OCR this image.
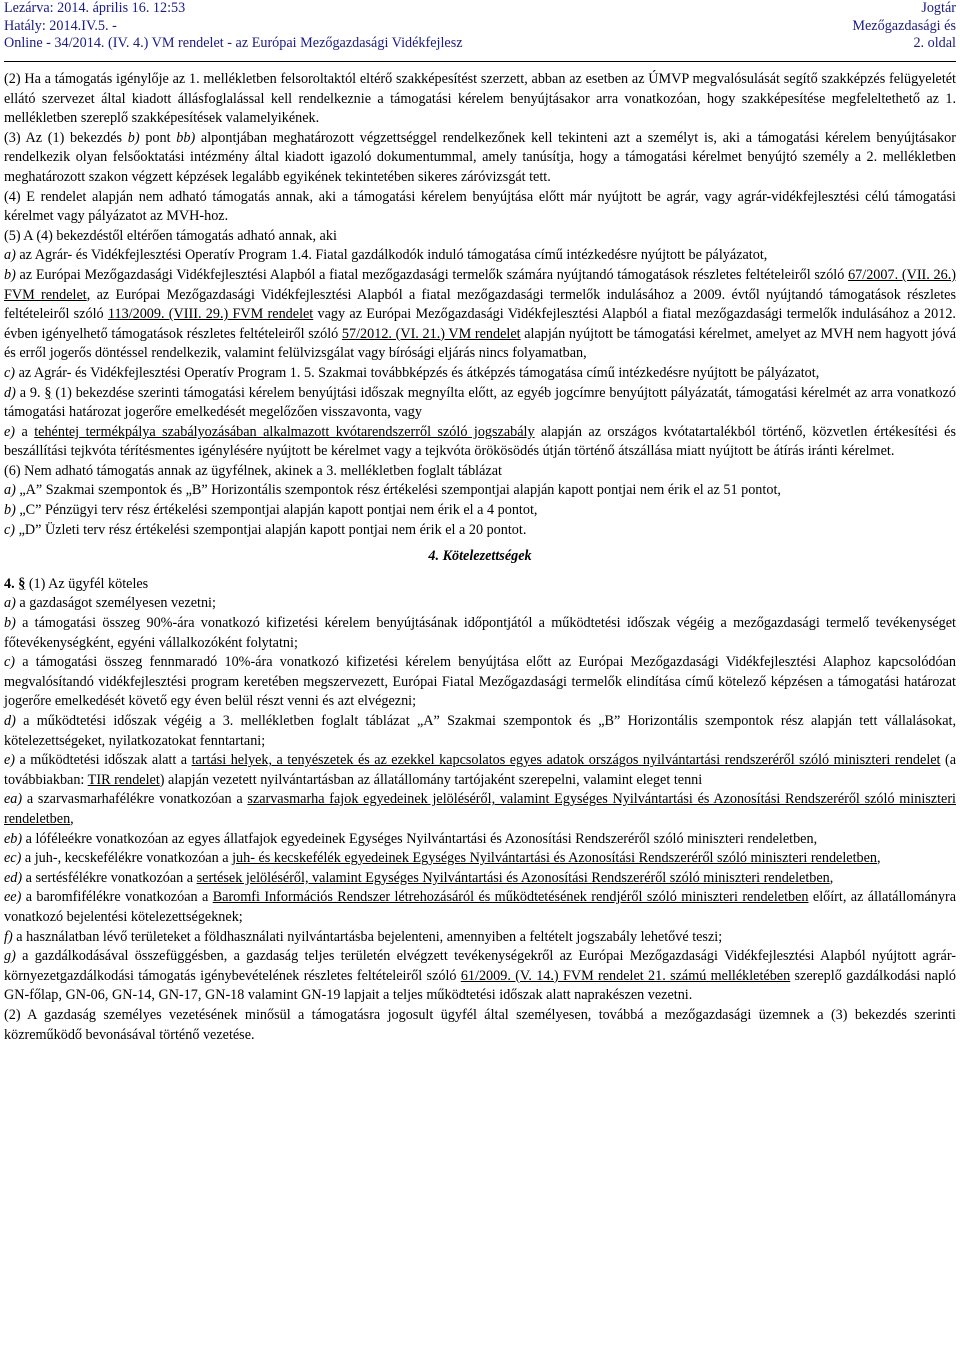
Lezárva: 2014. április 16. 12:53
Hatály: 2014.IV.5. -
Online - 34/2014. (IV. 4.) VM rendelet - az Európai Mezőgazdasági Vidékfejlesz
Jogtár
Mezőgazdasági és
2. oldal

(2) Ha a támogatás igénylője az 1. mellékletben felsoroltaktól eltérő szakképesítést szerzett, abban az esetben az ÚMVP megvalósulását segítő szakképzés felügyeletét ellátó szervezet által kiadott állásfoglalással kell rendelkeznie a támogatási kérelem benyújtásakor arra vonatkozóan, hogy szakképesítése megfeleltethető az 1. mellékletben szereplő szakképesítések valamelyikének.

(3) Az (1) bekezdés b) pont bb) alpontjában meghatározott végzettséggel rendelkezőnek kell tekinteni azt a személyt is, aki a támogatási kérelem benyújtásakor rendelkezik olyan felsőoktatási intézmény által kiadott igazoló dokumentummal, amely tanúsítja, hogy a támogatási kérelmet benyújtó személy a 2. mellékletben meghatározott szakon végzett képzések legalább egyikének tekintetében sikeres záróvizsgát tett.

(4) E rendelet alapján nem adható támogatás annak, aki a támogatási kérelem benyújtása előtt már nyújtott be agrár, vagy agrár-vidékfejlesztési célú támogatási kérelmet vagy pályázatot az MVH-hoz.

(5) A (4) bekezdéstől eltérően támogatás adható annak, aki

a) az Agrár- és Vidékfejlesztési Operatív Program 1.4. Fiatal gazdálkodók induló támogatása című intézkedésre nyújtott be pályázatot,

b) az Európai Mezőgazdasági Vidékfejlesztési Alapból a fiatal mezőgazdasági termelők számára nyújtandó támogatások részletes feltételeiről szóló 67/2007. (VII. 26.) FVM rendelet, az Európai Mezőgazdasági Vidékfejlesztési Alapból a fiatal mezőgazdasági termelők indulásához a 2009. évtől nyújtandó támogatások részletes feltételeiről szóló 113/2009. (VIII. 29.) FVM rendelet vagy az Európai Mezőgazdasági Vidékfejlesztési Alapból a fiatal mezőgazdasági termelők indulásához a 2012. évben igényelhető támogatások részletes feltételeiről szóló 57/2012. (VI. 21.) VM rendelet alapján nyújtott be támogatási kérelmet, amelyet az MVH nem hagyott jóvá és erről jogerős döntéssel rendelkezik, valamint felülvizsgálat vagy bírósági eljárás nincs folyamatban,

c) az Agrár- és Vidékfejlesztési Operatív Program 1. 5. Szakmai továbbképzés és átképzés támogatása című intézkedésre nyújtott be pályázatot,

d) a 9. § (1) bekezdése szerinti támogatási kérelem benyújtási időszak megnyílta előtt, az egyéb jogcímre benyújtott pályázatát, támogatási kérelmét az arra vonatkozó támogatási határozat jogerőre emelkedését megelőzően visszavonta, vagy

e) a tehéntej termékpálya szabályozásában alkalmazott kvótarendszerről szóló jogszabály alapján az országos kvótatartalékból történő, közvetlen értékesítési és beszállítási tejkvóta térítésmentes igénylésére nyújtott be kérelmet vagy a tejkvóta örökösödés útján történő átszállása miatt nyújtott be átírás iránti kérelmet.

(6) Nem adható támogatás annak az ügyfélnek, akinek a 3. mellékletben foglalt táblázat

a) „A” Szakmai szempontok és „B” Horizontális szempontok rész értékelési szempontjai alapján kapott pontjai nem érik el az 51 pontot,

b) „C” Pénzügyi terv rész értékelési szempontjai alapján kapott pontjai nem érik el a 4 pontot,

c) „D” Üzleti terv rész értékelési szempontjai alapján kapott pontjai nem érik el a 20 pontot.

4. Kötelezettségek

4. § (1) Az ügyfél köteles

a) a gazdaságot személyesen vezetni;

b) a támogatási összeg 90%-ára vonatkozó kifizetési kérelem benyújtásának időpontjától a működtetési időszak végéig a mezőgazdasági termelő tevékenységet főtevékenységként, egyéni vállalkozóként folytatni;

c) a támogatási összeg fennmaradó 10%-ára vonatkozó kifizetési kérelem benyújtása előtt az Európai Mezőgazdasági Vidékfejlesztési Alaphoz kapcsolódóan megvalósítandó vidékfejlesztési program keretében megszervezett, Európai Fiatal Mezőgazdasági termelők elindítása című kötelező képzésen a támogatási határozat jogerőre emelkedését követő egy éven belül részt venni és azt elvégezni;

d) a működtetési időszak végéig a 3. mellékletben foglalt táblázat „A” Szakmai szempontok és „B” Horizontális szempontok rész alapján tett vállalásokat, kötelezettségeket, nyilatkozatokat fenntartani;

e) a működtetési időszak alatt a tartási helyek, a tenyészetek és az ezekkel kapcsolatos egyes adatok országos nyilvántartási rendszeréről szóló miniszteri rendelet (a továbbiakban: TIR rendelet) alapján vezetett nyilvántartásban az állatállomány tartójaként szerepelni, valamint eleget tenni

ea) a szarvasmarhafélékre vonatkozóan a szarvasmarha fajok egyedeinek jelöléséről, valamint Egységes Nyilvántartási és Azonosítási Rendszeréről szóló miniszteri rendeletben,

eb) a lóféleékre vonatkozóan az egyes állatfajok egyedeinek Egységes Nyilvántartási és Azonosítási Rendszeréről szóló miniszteri rendeletben,

ec) a juh-, kecskefélékre vonatkozóan a juh- és kecskefélék egyedeinek Egységes Nyilvántartási és Azonosítási Rendszeréről szóló miniszteri rendeletben,

ed) a sertésfélékre vonatkozóan a sertések jelöléséről, valamint Egységes Nyilvántartási és Azonosítási Rendszeréről szóló miniszteri rendeletben,

ee) a baromfifélékre vonatkozóan a Baromfi Információs Rendszer létrehozásáról és működtetésének rendjéről szóló miniszteri rendeletben előírt, az állatállományra vonatkozó bejelentési kötelezettségeknek;

f) a használatban lévő területeket a földhasználati nyilvántartásba bejelenteni, amennyiben a feltételt jogszabály lehetővé teszi;

g) a gazdálkodásával összefüggésben, a gazdaság teljes területén elvégzett tevékenységekről az Európai Mezőgazdasági Vidékfejlesztési Alapból nyújtott agrár-környezetgazdálkodási támogatás igénybevételének részletes feltételeiről szóló 61/2009. (V. 14.) FVM rendelet 21. számú mellékletében szereplő gazdálkodási napló GN-főlap, GN-06, GN-14, GN-17, GN-18 valamint GN-19 lapjait a teljes működtetési időszak alatt naprakészen vezetni.

(2) A gazdaság személyes vezetésének minősül a támogatásra jogosult ügyfél által személyesen, továbbá a mezőgazdasági üzemnek a (3) bekezdés szerinti közreműködő bevonásával történő vezetése.
